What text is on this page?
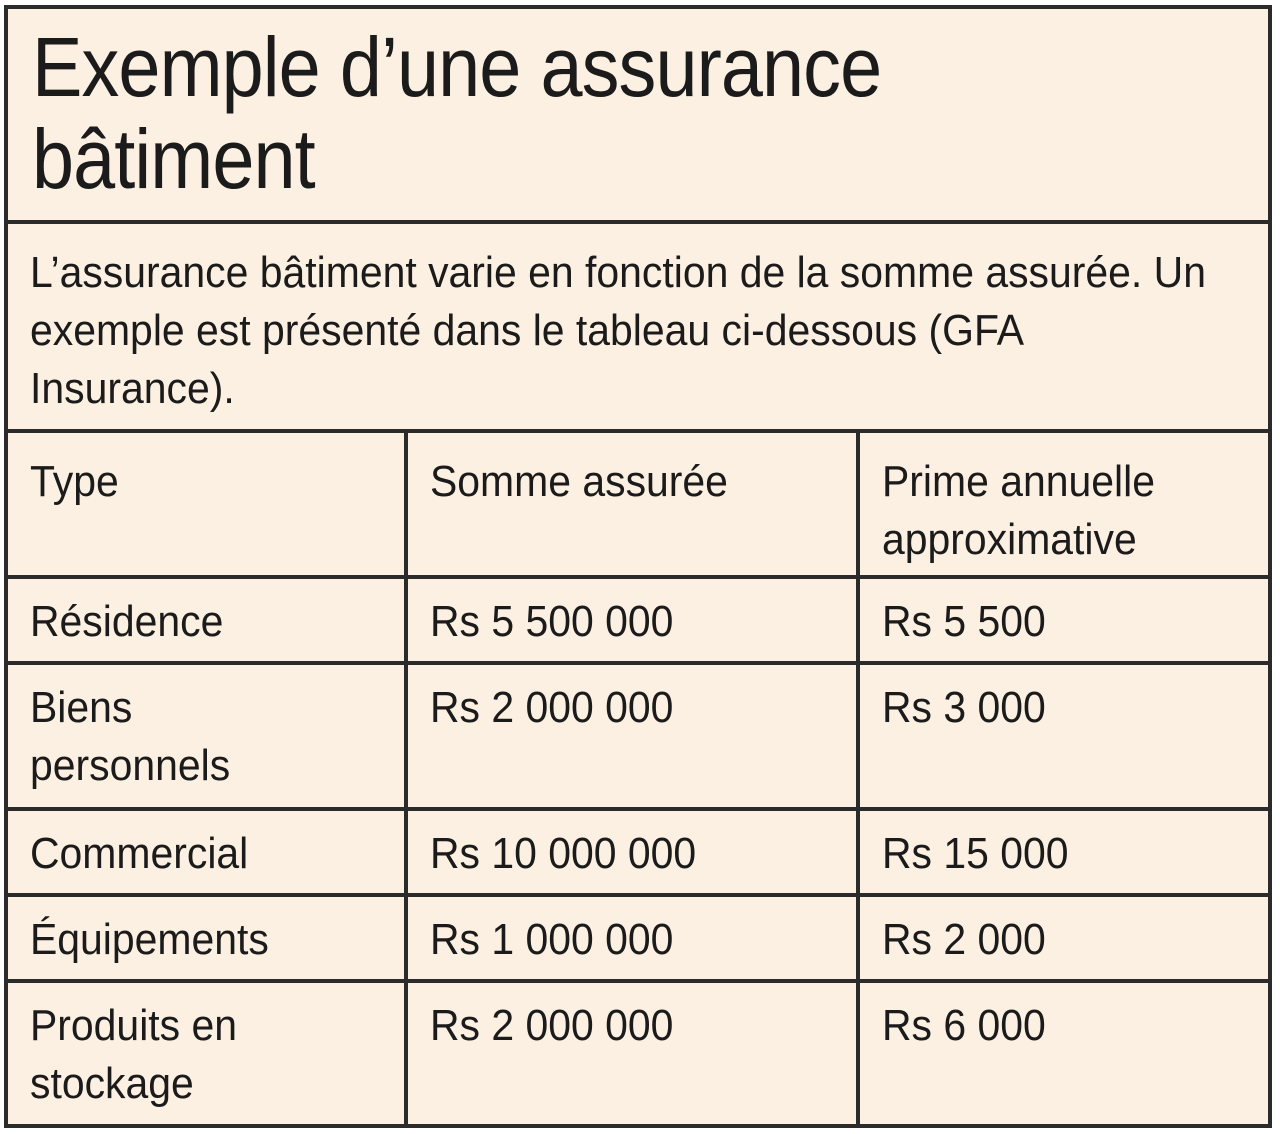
Exemple d’une assurance bâtiment

L’assurance bâtiment varie en fonction de la somme assurée. Un exemple est présenté dans le tableau ci-dessous (GFA Insurance).

Type	Somme assurée	Prime annuelle approximative

Résidence	Rs 5 500 000	Rs 5 500

Biens personnels	Rs 2 000 000	Rs 3 000

Commercial	Rs 10 000 000	Rs 15 000

Équipements	Rs 1 000 000	Rs 2 000

Produits en stockage	Rs 2 000 000	Rs 6 000
